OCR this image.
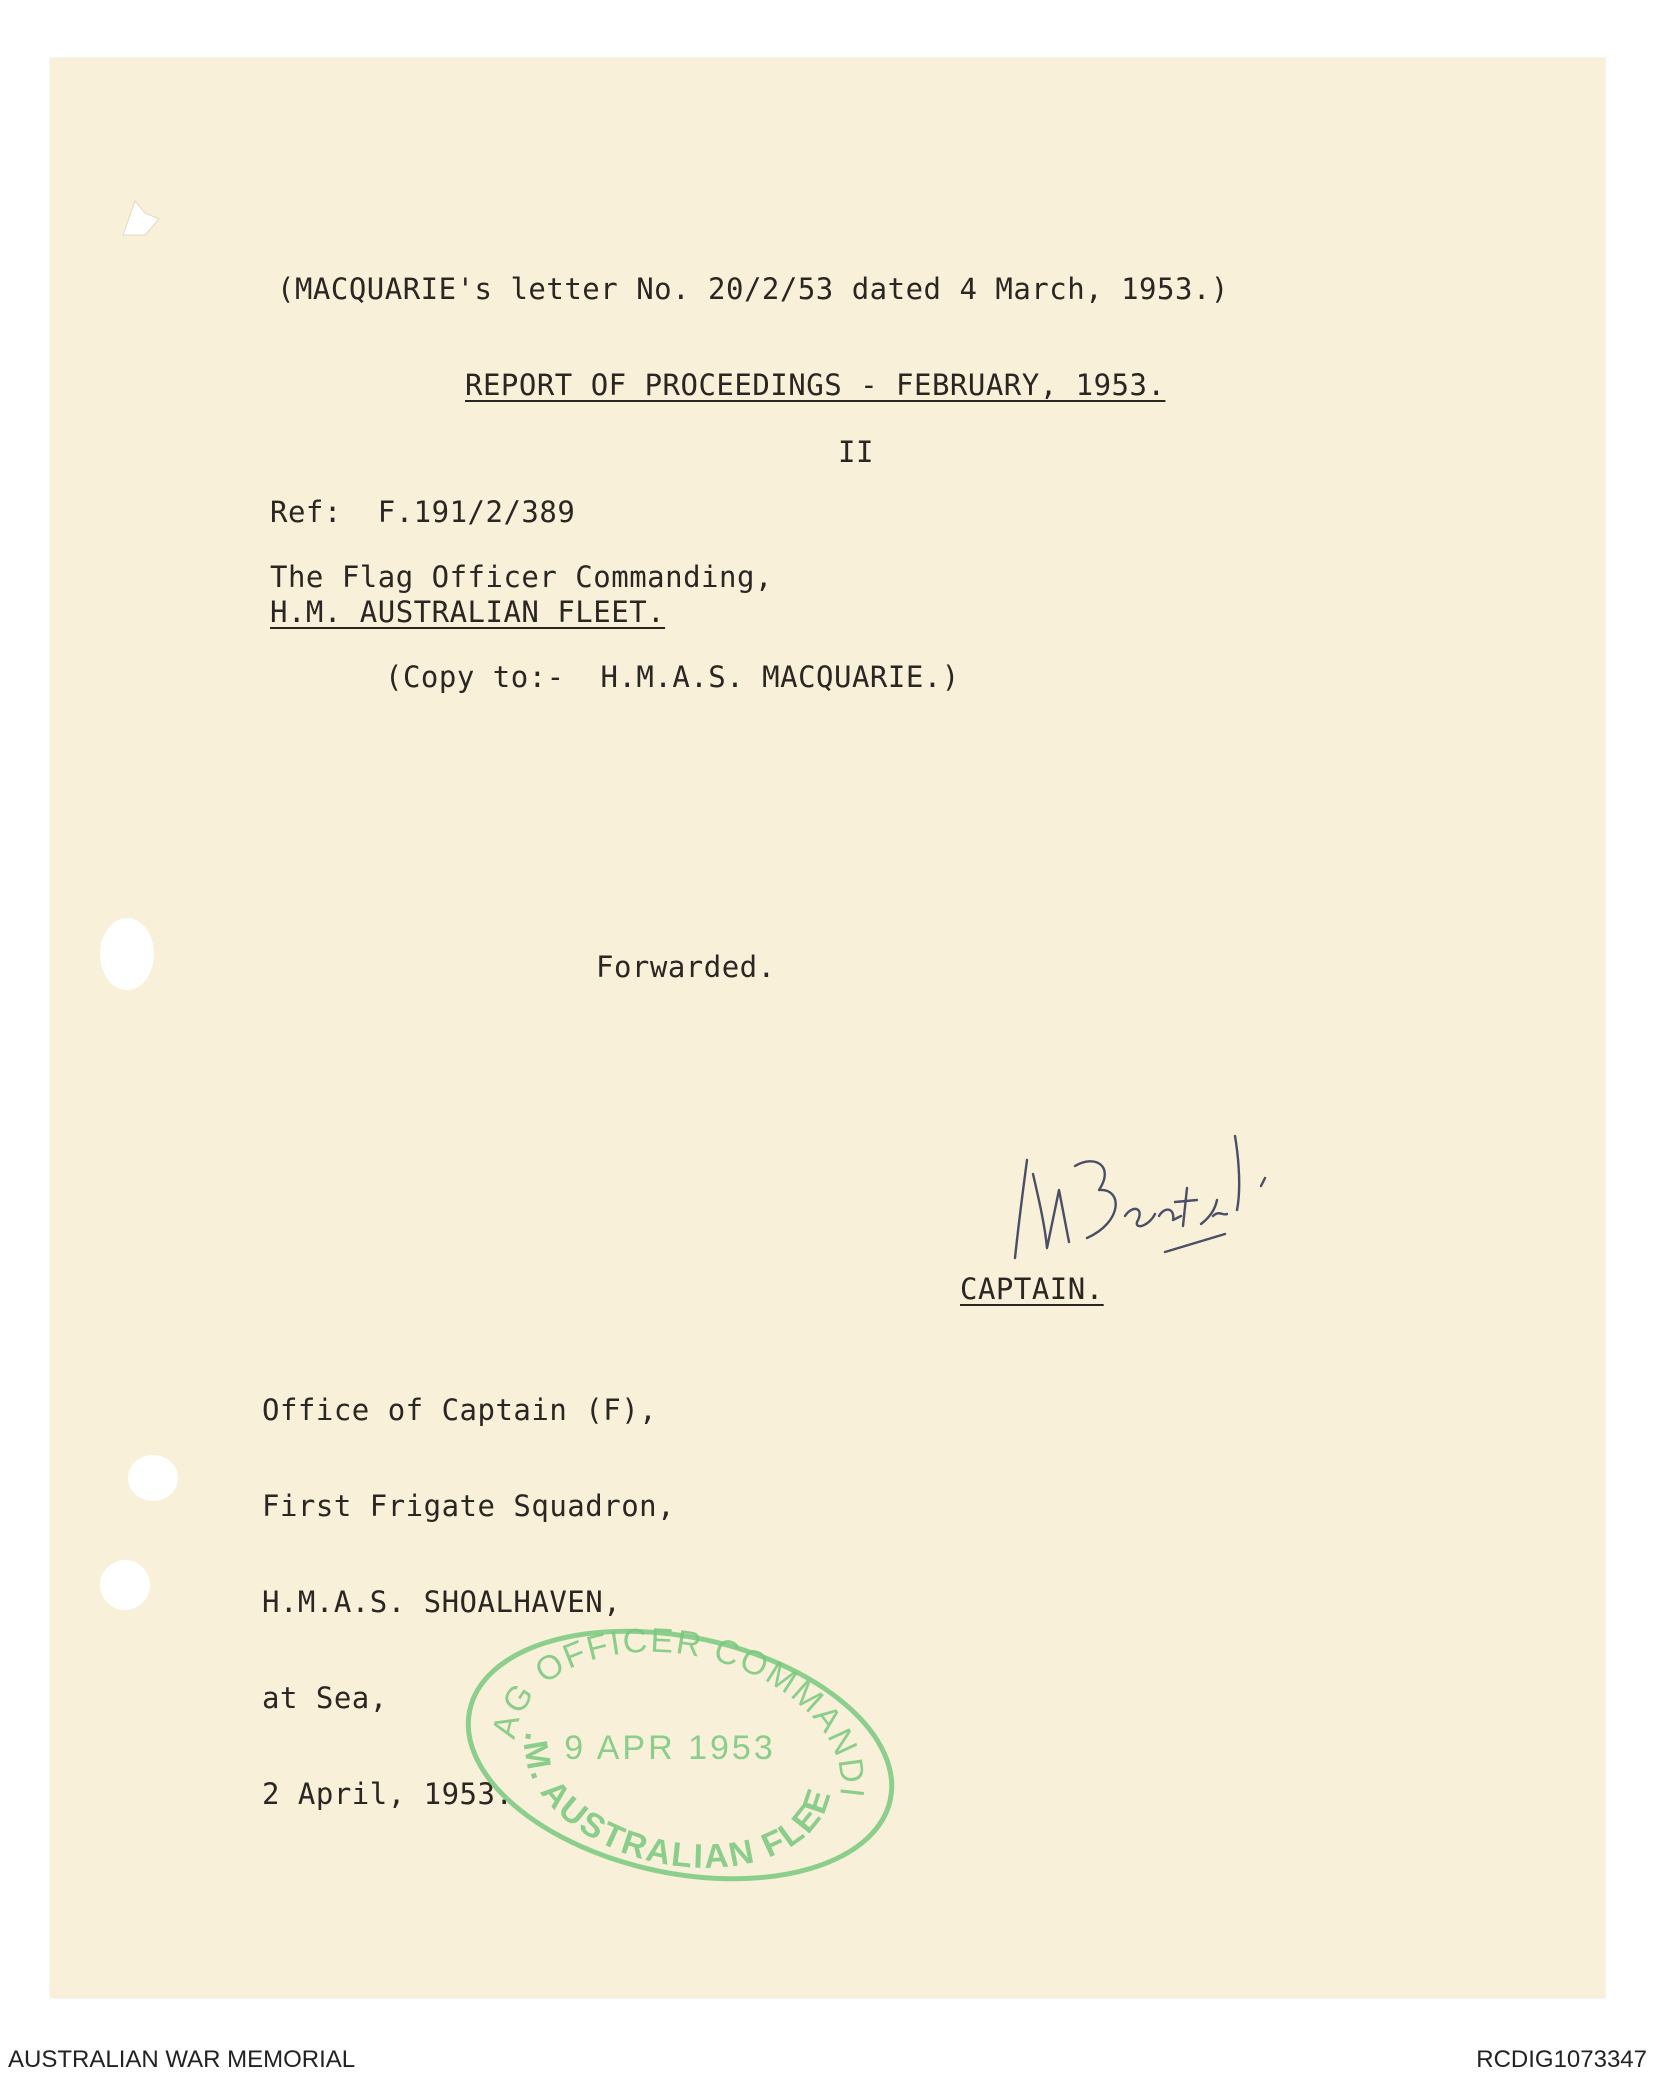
(MACQUARIE's letter No. 20/2/53 dated 4 March, 1953.)
REPORT OF PROCEEDINGS - FEBRUARY, 1953.
II
Ref:  F.191/2/389
The Flag Officer Commanding,
H.M. AUSTRALIAN FLEET.
(Copy to:-  H.M.A.S. MACQUARIE.)
Forwarded.
CAPTAIN.

Office of Captain (F),

First Frigate Squadron,

H.M.A.S. SHOALHAVEN,

at Sea,

2 April, 1953.

FLAG OFFICER COMMANDING
H.M. AUSTRALIAN FLEET
9 APR 1953
AUSTRALIAN WAR MEMORIAL	RCDIG1073347
